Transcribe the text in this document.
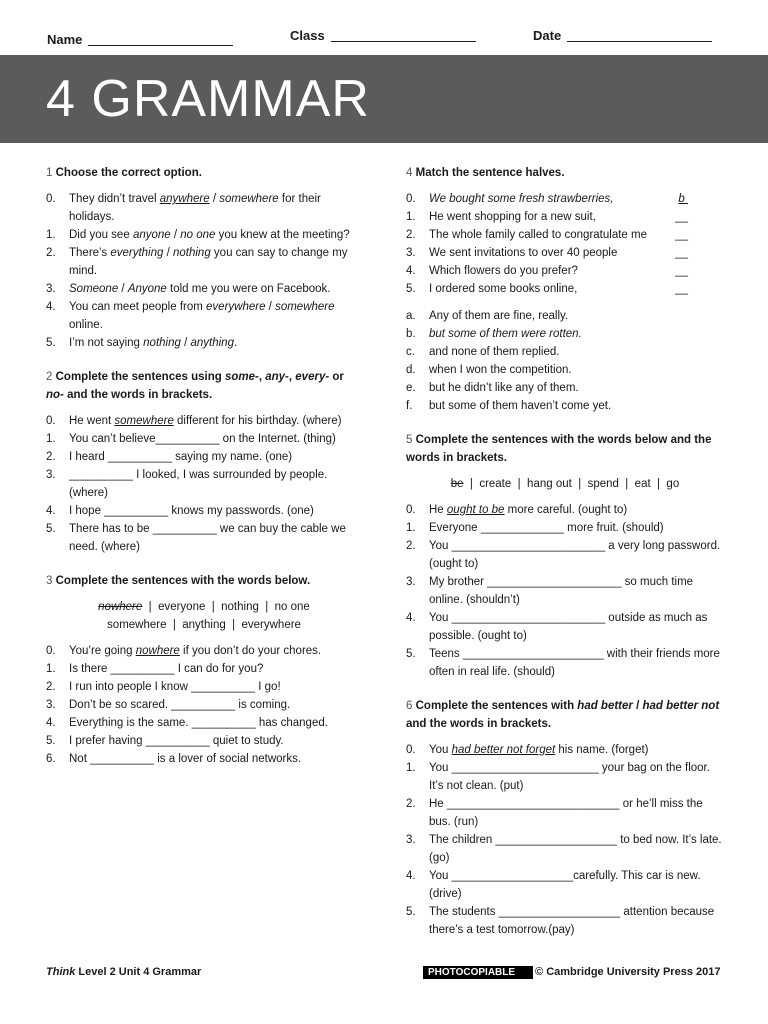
Name	Class	Date
4 GRAMMAR
1 Choose the correct option.
0. They didn’t travel anywhere / somewhere for their holidays.
1. Did you see anyone / no one you knew at the meeting?
2. There’s everything / nothing you can say to change my mind.
3. Someone / Anyone told me you were on Facebook.
4. You can meet people from everywhere / somewhere online.
5. I’m not saying nothing / anything.
2 Complete the sentences using some-, any-, every- or no- and the words in brackets.
0. He went somewhere different for his birthday. (where)
1. You can’t believe__________ on the Internet. (thing)
2. I heard __________ saying my name. (one)
3. __________ I looked, I was surrounded by people. (where)
4. I hope __________ knows my passwords. (one)
5. There has to be __________ we can buy the cable we need. (where)
3 Complete the sentences with the words below.
nowhere  |  everyone  |  nothing  |  no one
somewhere  |  anything  |  everywhere
0. You’re going nowhere if you don’t do your chores.
1. Is there __________ I can do for you?
2. I run into people I know __________ I go!
3. Don’t be so scared. __________ is coming.
4. Everything is the same. __________ has changed.
5. I prefer having __________ quiet to study.
6. Not __________ is a lover of social networks.
4 Match the sentence halves.
0. We bought some fresh strawberries,	b
1. He went shopping for a new suit,	__
2. The whole family called to congratulate me __
3. We sent invitations to over 40 people	__
4. Which flowers do you prefer?	__
5. I ordered some books online,	__
a. Any of them are fine, really.
b. but some of them were rotten.
c. and none of them replied.
d. when I won the competition.
e. but he didn’t like any of them.
f. but some of them haven’t come yet.
5 Complete the sentences with the words below and the words in brackets.
be  |  create  |  hang out  |  spend  |  eat  |  go
0. He ought to be more careful. (ought to)
1. Everyone _____________ more fruit. (should)
2. You ________________________ a very long password. (ought to)
3. My brother _____________________ so much time online. (shouldn’t)
4. You ________________________ outside as much as possible. (ought to)
5. Teens ______________________ with their friends more often in real life. (should)
6 Complete the sentences with had better / had better not and the words in brackets.
0. You had better not forget his name. (forget)
1. You _______________________ your bag on the floor. It’s not clean. (put)
2. He ___________________________ or he’ll miss the bus. (run)
3. The children ___________________ to bed now. It’s late. (go)
4. You ___________________carefully. This car is new. (drive)
5. The students ___________________ attention because there’s a test tomorrow.(pay)
Think Level 2 Unit 4 Grammar	PHOTOCOPIABLE © Cambridge University Press 2017
